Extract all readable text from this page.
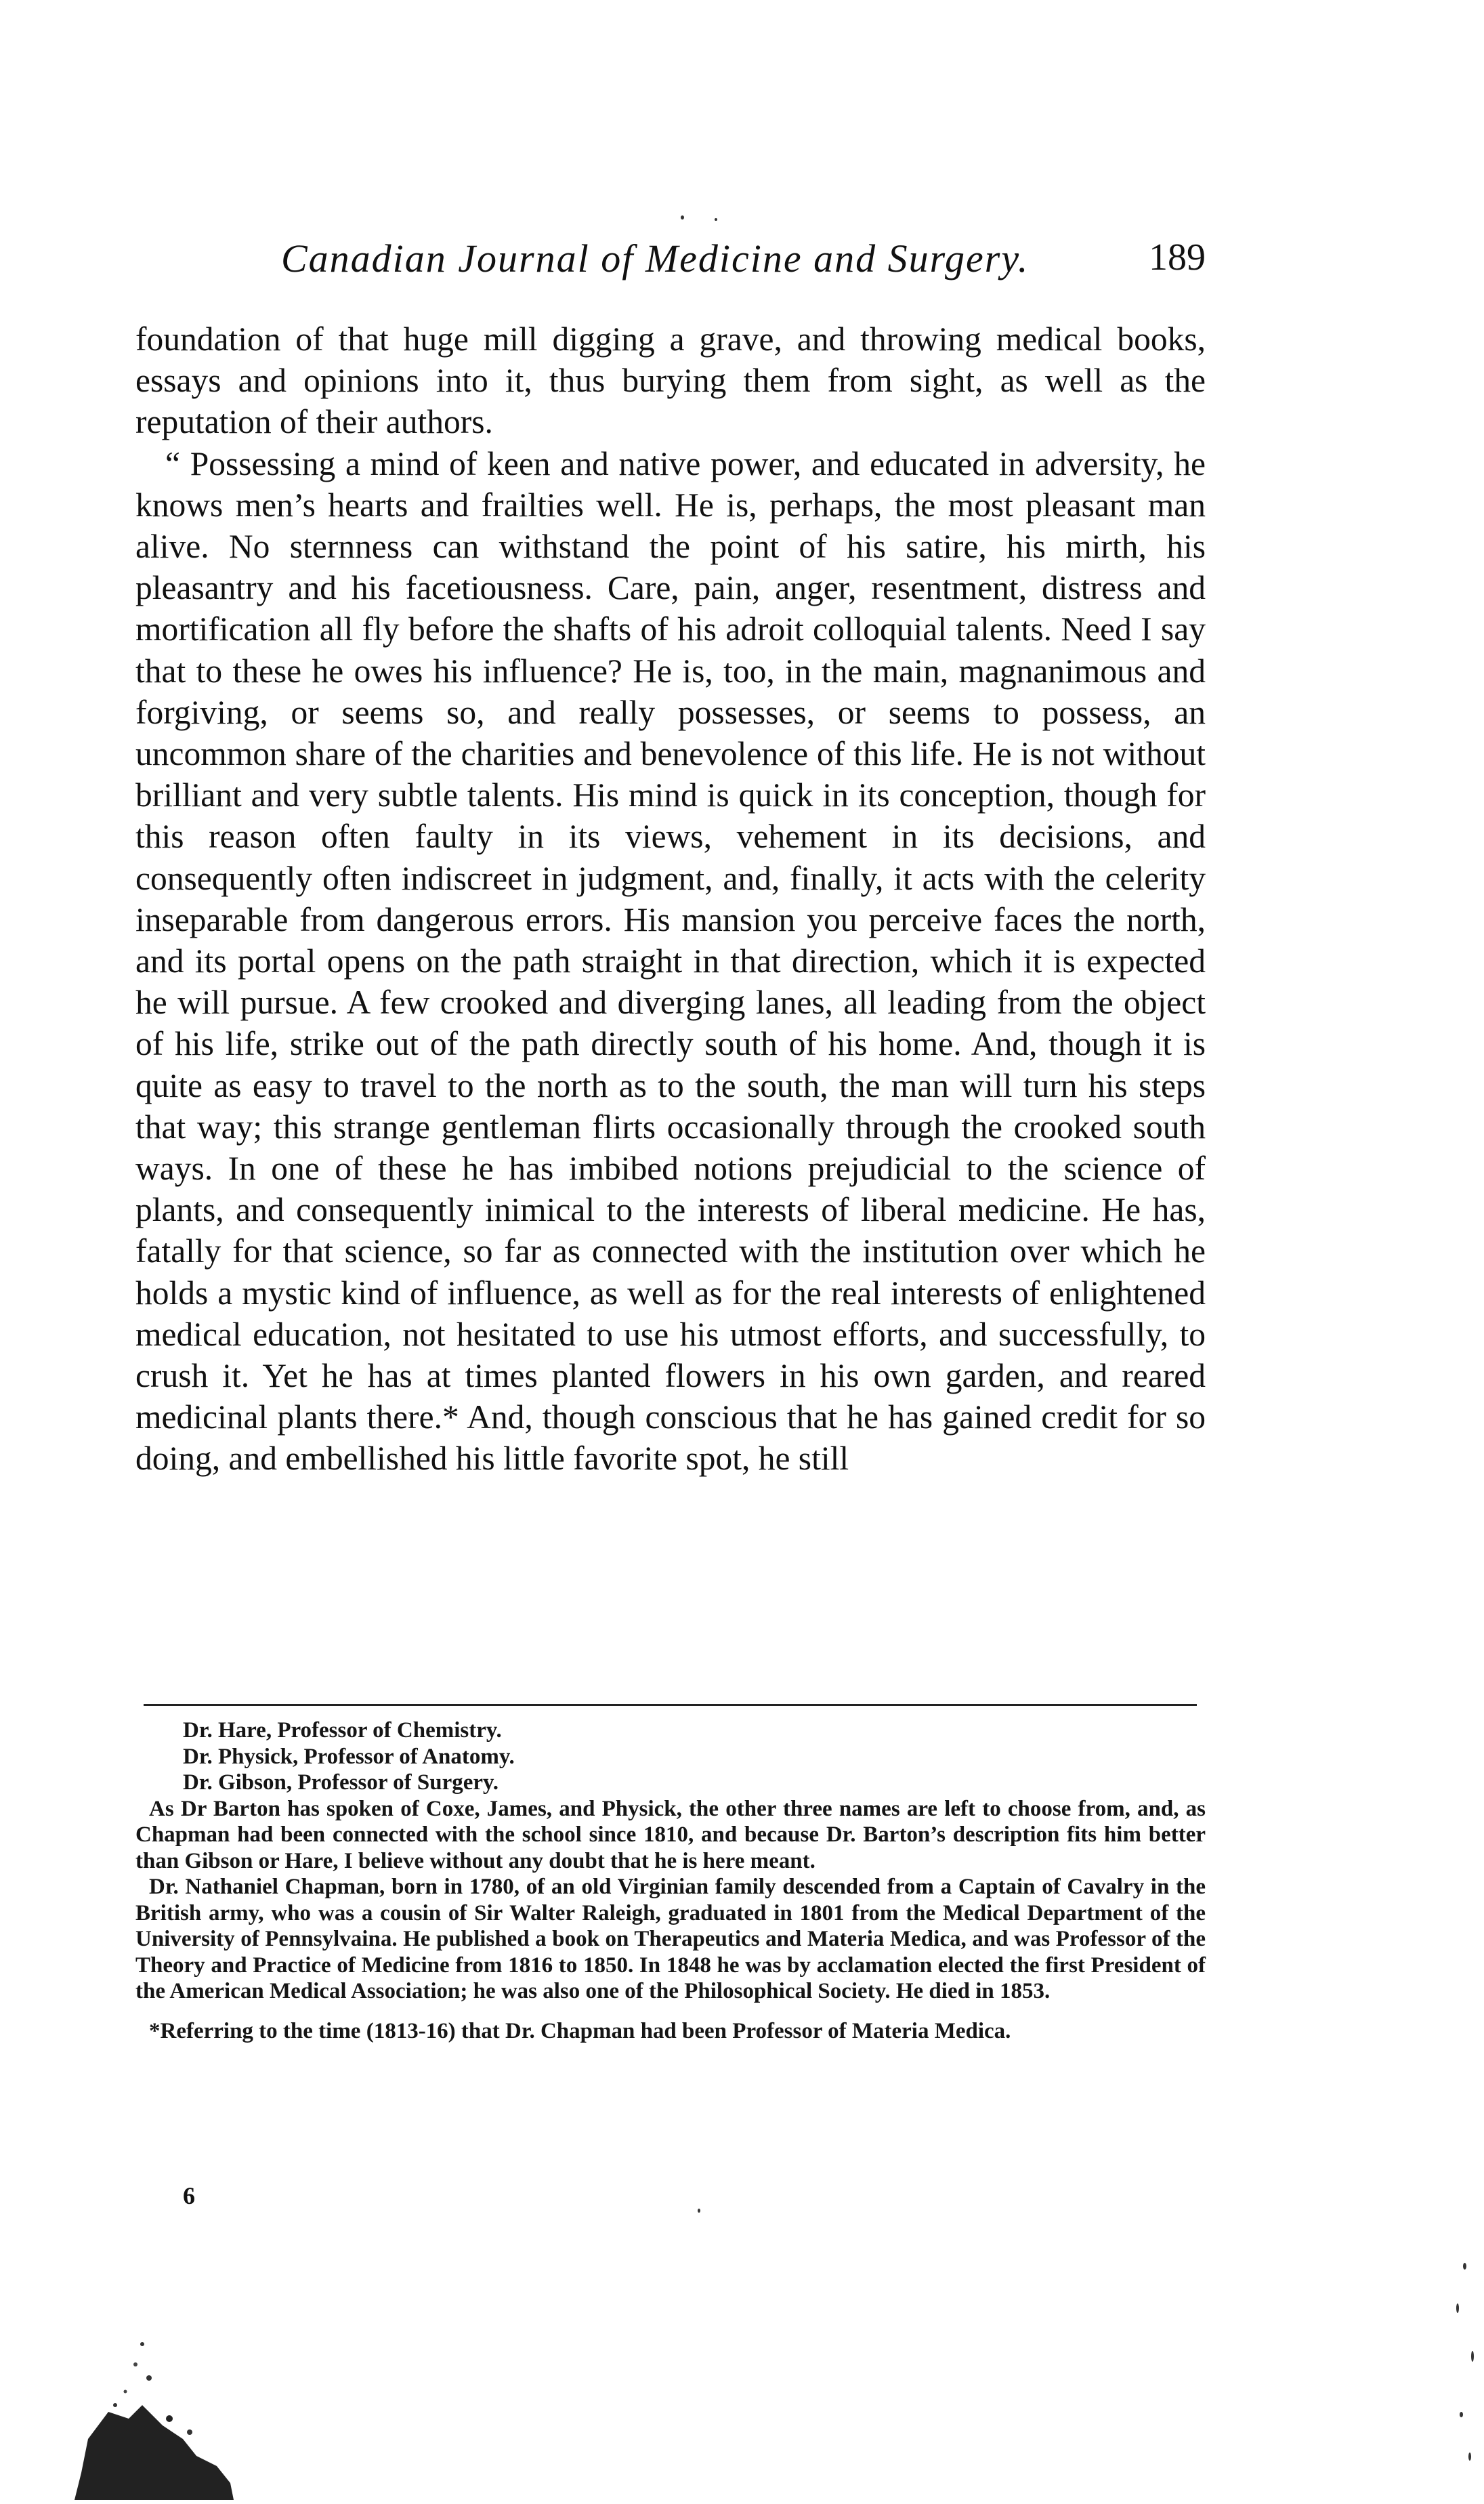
Canadian Journal of Medicine and Surgery.	189

foundation of that huge mill digging a grave, and throwing medical books, essays and opinions into it, thus burying them from sight, as well as the reputation of their authors.

“ Possessing a mind of keen and native power, and educated in adversity, he knows men’s hearts and frailties well. He is, perhaps, the most pleasant man alive. No sternness can withstand the point of his satire, his mirth, his pleasantry and his facetiousness. Care, pain, anger, resentment, distress and mortification all fly before the shafts of his adroit colloquial talents. Need I say that to these he owes his influence? He is, too, in the main, magnanimous and forgiving, or seems so, and really possesses, or seems to possess, an uncommon share of the charities and benevolence of this life. He is not without brilliant and very subtle talents. His mind is quick in its conception, though for this reason often faulty in its views, vehement in its decisions, and consequently often indiscreet in judgment, and, finally, it acts with the celerity inseparable from dangerous errors. His mansion you perceive faces the north, and its portal opens on the path straight in that direction, which it is expected he will pursue. A few crooked and diverging lanes, all leading from the object of his life, strike out of the path directly south of his home. And, though it is quite as easy to travel to the north as to the south, the man will turn his steps that way; this strange gentleman flirts occasionally through the crooked south ways. In one of these he has imbibed notions prejudicial to the science of plants, and consequently inimical to the interests of liberal medicine. He has, fatally for that science, so far as connected with the institution over which he holds a mystic kind of influence, as well as for the real interests of enlightened medical education, not hesitated to use his utmost efforts, and successfully, to crush it. Yet he has at times planted flowers in his own garden, and reared medicinal plants there.* And, though conscious that he has gained credit for so doing, and embellished his little favorite spot, he still

Dr. Hare, Professor of Chemistry.

Dr. Physick, Professor of Anatomy.

Dr. Gibson, Professor of Surgery.

As Dr Barton has spoken of Coxe, James, and Physick, the other three names are left to choose from, and, as Chapman had been connected with the school since 1810, and because Dr. Barton’s description fits him better than Gibson or Hare, I believe without any doubt that he is here meant.

Dr. Nathaniel Chapman, born in 1780, of an old Virginian family descended from a Captain of Cavalry in the British army, who was a cousin of Sir Walter Raleigh, graduated in 1801 from the Medical Department of the University of Pennsylvaina. He published a book on Therapeutics and Materia Medica, and was Professor of the Theory and Practice of Medicine from 1816 to 1850. In 1848 he was by acclamation elected the first President of the American Medical Association; he was also one of the Philosophical Society. He died in 1853.

*Referring to the time (1813-16) that Dr. Chapman had been Professor of Materia Medica.

6
